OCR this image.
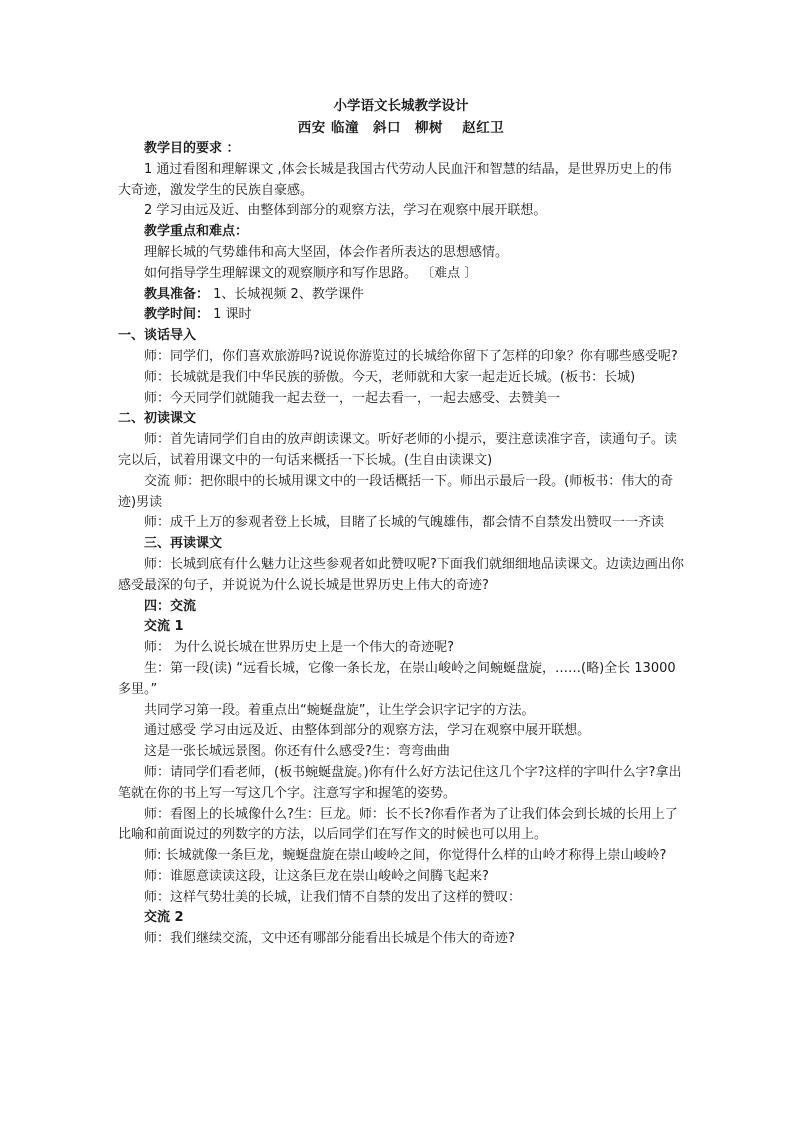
小学语文长城教学设计

西安 临潼　斜口　柳树　 赵红卫

教学目的要求 ：

1 通过看图和理解课文 ,体会长城是我国古代劳动人民血汗和智慧的结晶，是世界历史上的伟大奇迹，激发学生的民族自豪感。

2 学习由远及近、由整体到部分的观察方法，学习在观察中展开联想。

教学重点和难点：

理解长城的气势雄伟和高大坚固，体会作者所表达的思想感情。

如何指导学生理解课文的观察顺序和写作思路。 〔难点 〕

教具准备： 1、长城视频 2、教学课件

教学时间： 1 课时

一、谈话导入

师：同学们，你们喜欢旅游吗?说说你游览过的长城给你留下了怎样的印象？你有哪些感受呢?

师：长城就是我们中华民族的骄傲。今天，老师就和大家一起走近长城。(板书：长城)

师：今天同学们就随我一起去登一，一起去看一，一起去感受、去赞美一

二、初读课文

师：首先请同学们自由的放声朗读课文。听好老师的小提示，要注意读准字音，读通句子。读完以后，试着用课文中的一句话来概括一下长城。(生自由读课文)

交流 师：把你眼中的长城用课文中的一段话概括一下。师出示最后一段。(师板书：伟大的奇迹)男读

师：成千上万的参观者登上长城，目睹了长城的气魄雄伟，都会情不自禁发出赞叹一一齐读

三、再读课文

师：长城到底有什么魅力让这些参观者如此赞叹呢?下面我们就细细地品读课文。边读边画出你感受最深的句子，并说说为什么说长城是世界历史上伟大的奇迹?

四：交流

交流 1

师： 为什么说长城在世界历史上是一个伟大的奇迹呢?

生：第一段(读) “远看长城，它像一条长龙，在崇山峻岭之间蜿蜒盘旋，……(略)全长 13000 多里。”

共同学习第一段。着重点出“蜿蜒盘旋”，让生学会识字记字的方法。

通过感受 学习由远及近、由整体到部分的观察方法，学习在观察中展开联想。

这是一张长城远景图。你还有什么感受?生：弯弯曲曲

师：请同学们看老师，(板书蜿蜒盘旋。)你有什么好方法记住这几个字?这样的字叫什么字?拿出笔就在你的书上写一写这几个字。注意写字和握笔的姿势。

师：看图上的长城像什么?生：巨龙。师：长不长?你看作者为了让我们体会到长城的长用上了比喻和前面说过的列数字的方法，以后同学们在写作文的时候也可以用上。

师: 长城就像一条巨龙，蜿蜒盘旋在崇山峻岭之间，你觉得什么样的山岭才称得上崇山峻岭?

师：谁愿意读读这段，让这条巨龙在崇山峻岭之间腾飞起来?

师：这样气势壮美的长城，让我们情不自禁的发出了这样的赞叹：

交流 2

师：我们继续交流，文中还有哪部分能看出长城是个伟大的奇迹?
